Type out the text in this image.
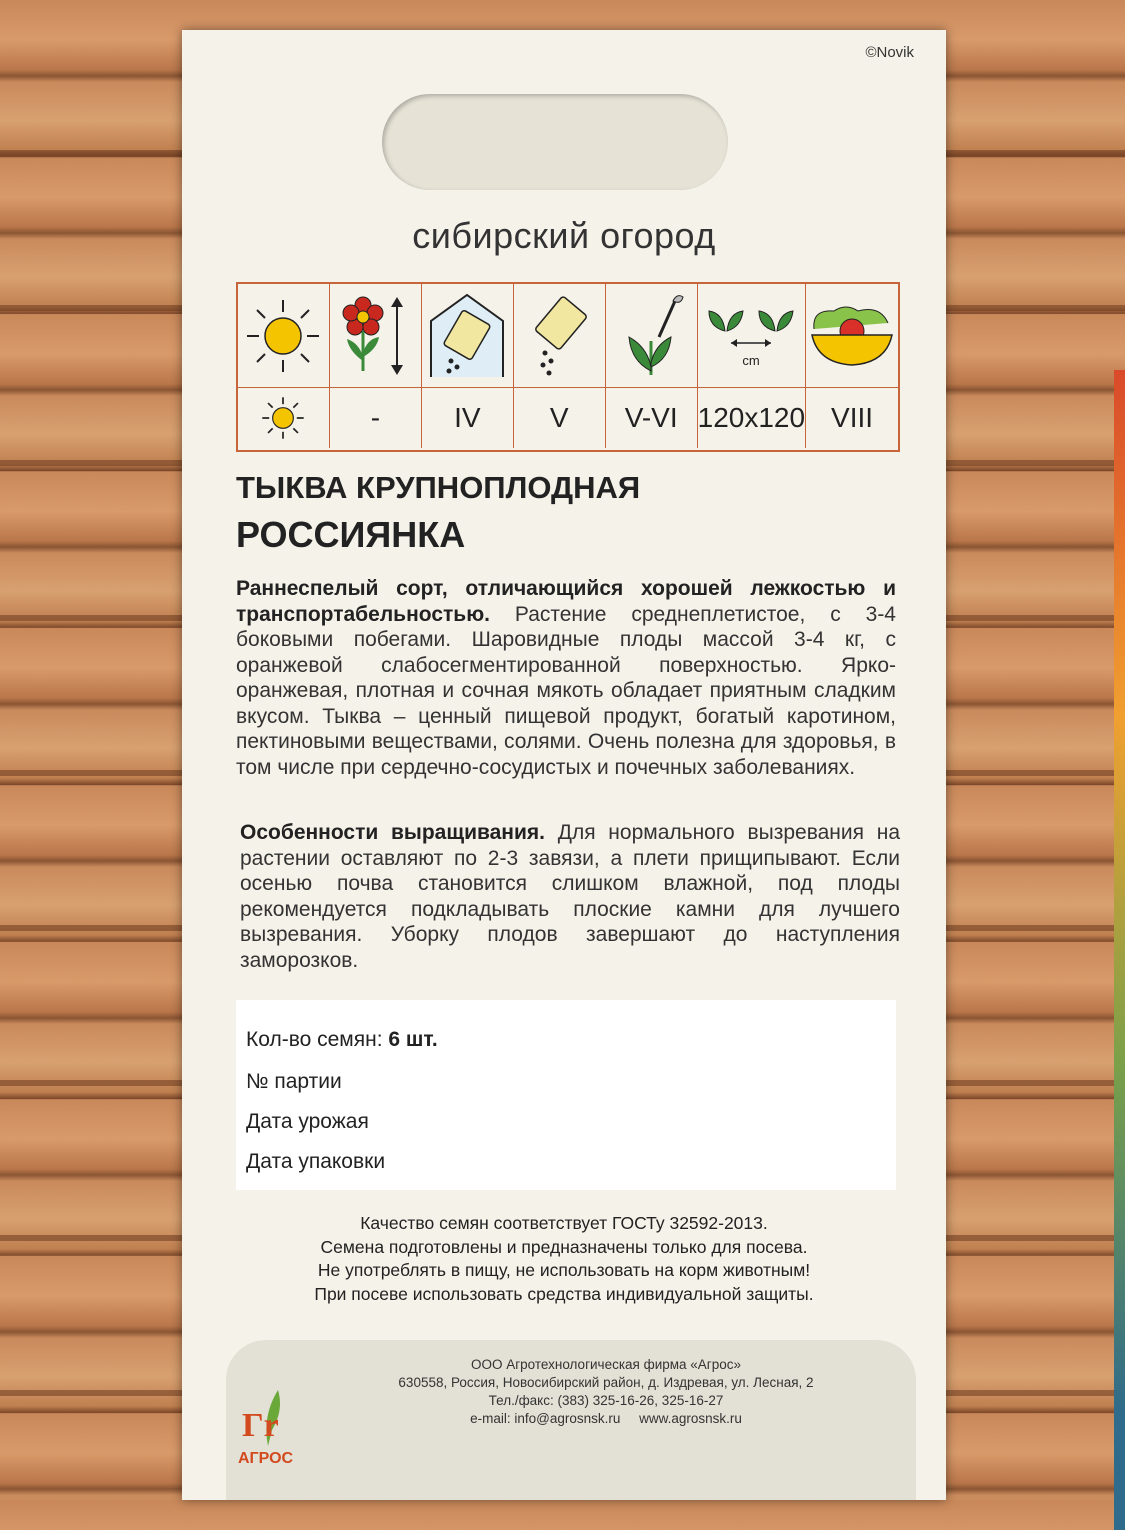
©Novik
сибирский огород
cm
-	IV	V	V-VI 120x120 VIII
ТЫКВА КРУПНОПЛОДНАЯ
РОССИЯНКА
Раннеспелый сорт, отличающийся хорошей лежкостью и транспортабельностью. Растение среднеплетистое, с 3-4 боковыми побегами. Шаровидные плоды массой 3-4 кг, с оранжевой слабосегментированной поверхностью. Ярко-оранжевая, плотная и сочная мякоть обладает приятным сладким вкусом. Тыква – ценный пищевой продукт, богатый каротином, пектиновыми веществами, солями. Очень полезна для здоровья, в том числе при сердечно-сосудистых и почечных заболеваниях.
Особенности выращивания. Для нормального вызревания на растении оставляют по 2-3 завязи, а плети прищипывают. Если осенью почва становится слишком влажной, под плоды рекомендуется подкладывать плоские камни для лучшего вызревания. Уборку плодов завершают до наступления заморозков.
Кол-во семян: 6 шт.
№ партии
Дата урожая
Дата упаковки
Качество семян соответствует ГОСТу 32592-2013.
Семена подготовлены и предназначены только для посева.
Не употреблять в пищу, не использовать на корм животным!
При посеве использовать средства индивидуальной защиты.
Гr
АГРОС
ООО Агротехнологическая фирма «Агрос»
630558, Россия, Новосибирский район, д. Издревая, ул. Лесная, 2
Тел./факс: (383) 325-16-26, 325-16-27
e-mail: info@agrosnsk.ru     www.agrosnsk.ru
